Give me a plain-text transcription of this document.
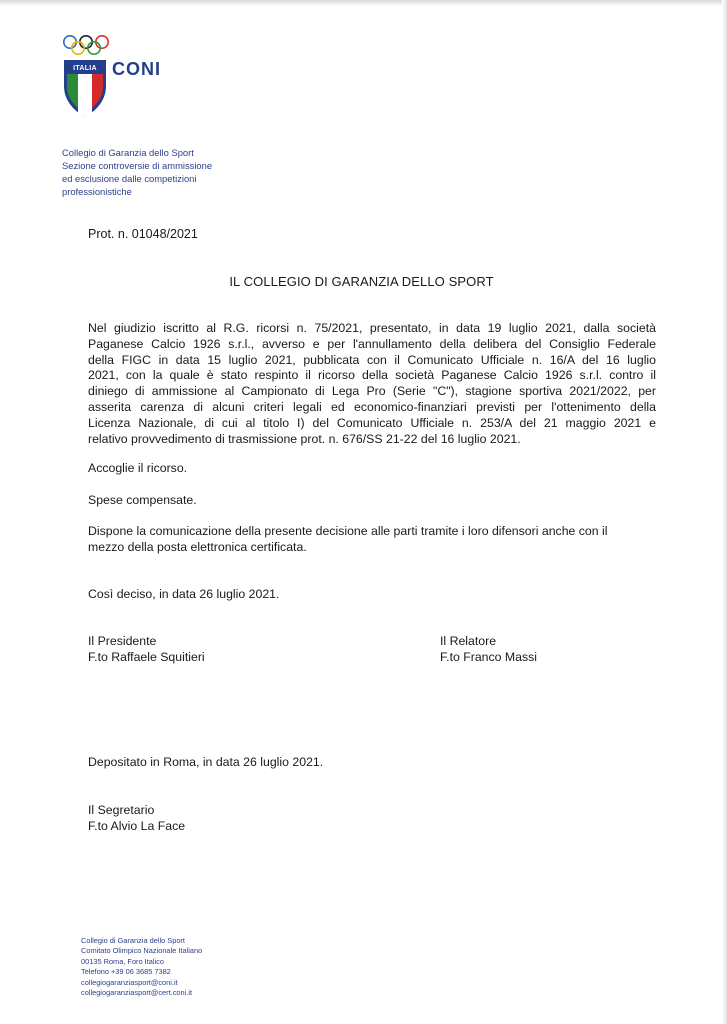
ITALIA CONI
Collegio di Garanzia dello Sport
Sezione controversie di ammissione
ed esclusione dalle competizioni
professionistiche
Prot. n. 01048/2021
IL COLLEGIO DI GARANZIA DELLO SPORT
Nel giudizio iscritto al R.G. ricorsi n. 75/2021, presentato, in data 19 luglio 2021, dalla società
Paganese Calcio 1926 s.r.l., avverso e per l'annullamento della delibera del Consiglio Federale
della FIGC in data 15 luglio 2021, pubblicata con il Comunicato Ufficiale n. 16/A del 16 luglio
2021, con la quale è stato respinto il ricorso della società Paganese Calcio 1926 s.r.l. contro il
diniego di ammissione al Campionato di Lega Pro (Serie "C"), stagione sportiva 2021/2022, per
asserita carenza di alcuni criteri legali ed economico-finanziari previsti per l'ottenimento della
Licenza Nazionale, di cui al titolo I) del Comunicato Ufficiale n. 253/A del 21 maggio 2021 e
relativo provvedimento di trasmissione prot. n. 676/SS 21-22 del 16 luglio 2021.
Accoglie il ricorso.
Spese compensate.
Dispone la comunicazione della presente decisione alle parti tramite i loro difensori anche con il
mezzo della posta elettronica certificata.
Così deciso, in data 26 luglio 2021.
Il Presidente
F.to Raffaele Squitieri
Il Relatore
F.to Franco Massi
Depositato in Roma, in data 26 luglio 2021.
Il Segretario
F.to Alvio La Face
Collegio di Garanzia dello Sport
Comitato Olimpico Nazionale Italiano
00135 Roma, Foro Italico
Telefono +39 06 3685 7382
collegiogaranziasport@coni.it
collegiogaranziasport@cert.coni.it
